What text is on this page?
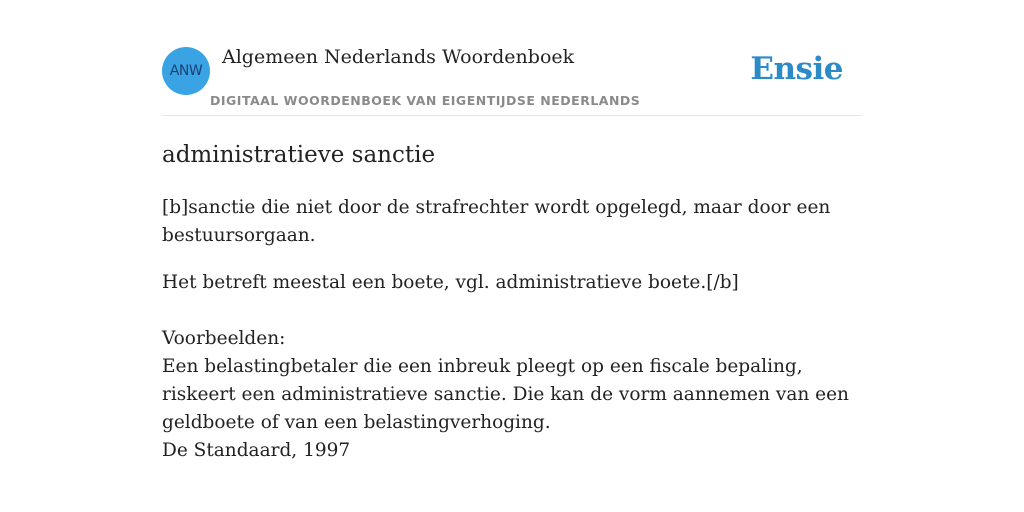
ANW
Algemeen Nederlands Woordenboek
DIGITAAL WOORDENBOEK VAN EIGENTIJDSE NEDERLANDS
Ensie
administratieve sanctie
[b]sanctie die niet door de strafrechter wordt opgelegd, maar door een bestuursorgaan.
Het betreft meestal een boete, vgl. administratieve boete.[/b]
Voorbeelden:
Een belastingbetaler die een inbreuk pleegt op een fiscale bepaling, riskeert een administratieve sanctie. Die kan de vorm aannemen van een geldboete of van een belastingverhoging.
De Standaard, 1997
